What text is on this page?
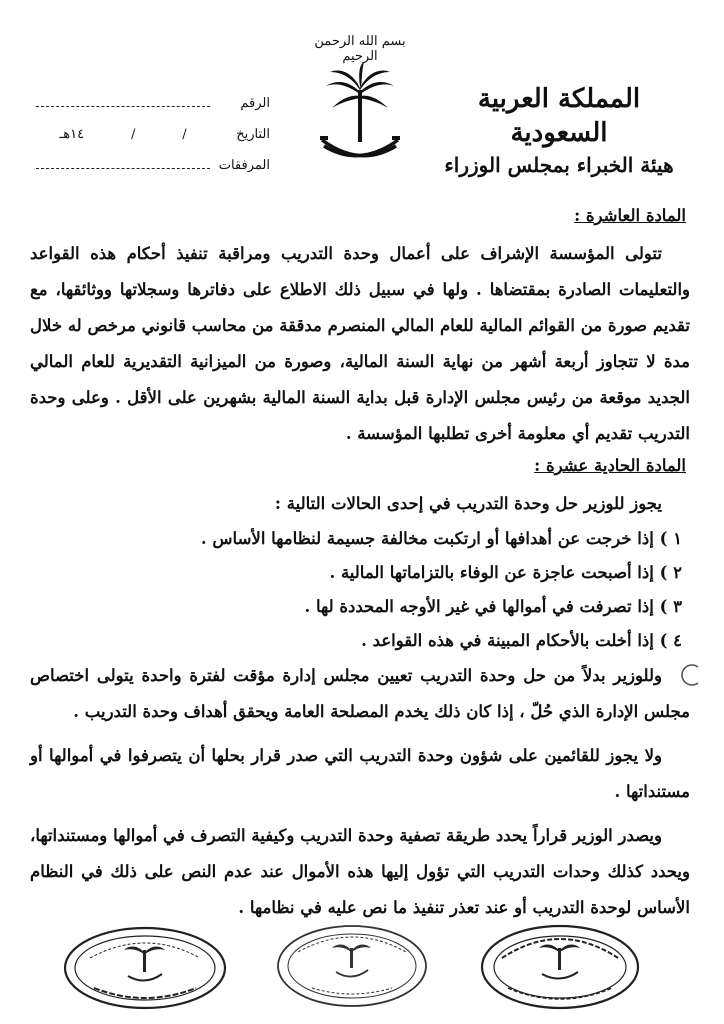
بسم الله الرحمن الرحيم
المملكة العربية السعودية
هيئة الخبراء بمجلس الوزراء
الرقم
التاريخ
/
/
١٤هـ
المرفقات
المادة العاشرة :

تتولى المؤسسة الإشراف على أعمال وحدة التدريب ومراقبة تنفيذ أحكام هذه القواعد والتعليمات الصادرة بمقتضاها . ولها في سبيل ذلك الاطلاع على دفاترها وسجلاتها ووثائقها، مع تقديم صورة من القوائم المالية للعام المالي المنصرم مدققة من محاسب قانوني مرخص له خلال مدة لا تتجاوز أربعة أشهر من نهاية السنة المالية، وصورة من الميزانية التقديرية للعام المالي الجديد موقعة من رئيس مجلس الإدارة قبل بداية السنة المالية بشهرين على الأقل . وعلى وحدة التدريب تقديم أي معلومة أخرى تطلبها المؤسسة .

المادة الحادية عشرة :

يجوز للوزير حل وحدة التدريب في إحدى الحالات التالية :

١ ) إذا خرجت عن أهدافها أو ارتكبت مخالفة جسيمة لنظامها الأساس .
٢ ) إذا أصبحت عاجزة عن الوفاء بالتزاماتها المالية .
٣ ) إذا تصرفت في أموالها في غير الأوجه المحددة لها .
٤ ) إذا أخلت بالأحكام المبينة في هذه القواعد .

وللوزير بدلاً من حل وحدة التدريب تعيين مجلس إدارة مؤقت لفترة واحدة يتولى اختصاص مجلس الإدارة الذي حُلّ ، إذا كان ذلك يخدم المصلحة العامة ويحقق أهداف وحدة التدريب .

ولا يجوز للقائمين على شؤون وحدة التدريب التي صدر قرار بحلها أن يتصرفوا في أموالها أو مستنداتها .

ويصدر الوزير قراراً يحدد طريقة تصفية وحدة التدريب وكيفية التصرف في أموالها ومستنداتها، ويحدد كذلك وحدات التدريب التي تؤول إليها هذه الأموال عند عدم النص على ذلك في النظام الأساس لوحدة التدريب أو عند تعذر تنفيذ ما نص عليه في نظامها .
